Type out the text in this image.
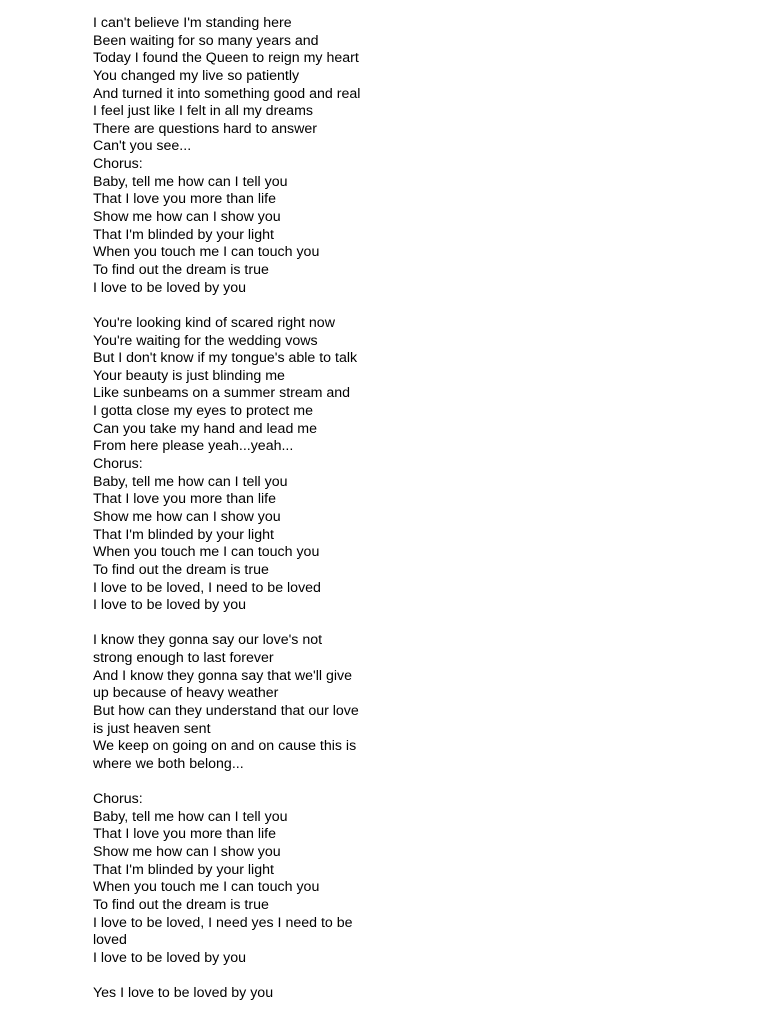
I can't believe I'm standing here
Been waiting for so many years and
Today I found the Queen to reign my heart
You changed my live so patiently
And turned it into something good and real
I feel just like I felt in all my dreams
There are questions hard to answer
Can't you see...
Chorus:
Baby, tell me how can I tell you
That I love you more than life
Show me how can I show you
That I'm blinded by your light
When you touch me I can touch you
To find out the dream is true
I love to be loved by you
You're looking kind of scared right now
You're waiting for the wedding vows
But I don't know if my tongue's able to talk
Your beauty is just blinding me
Like sunbeams on a summer stream and
I gotta close my eyes to protect me
Can you take my hand and lead me
From here please yeah...yeah...
Chorus:
Baby, tell me how can I tell you
That I love you more than life
Show me how can I show you
That I'm blinded by your light
When you touch me I can touch you
To find out the dream is true
I love to be loved, I need to be loved
I love to be loved by you
I know they gonna say our love's not
strong enough to last forever
And I know they gonna say that we'll give
up because of heavy weather
But how can they understand that our love
is just heaven sent
We keep on going on and on cause this is
where we both belong...
Chorus:
Baby, tell me how can I tell you
That I love you more than life
Show me how can I show you
That I'm blinded by your light
When you touch me I can touch you
To find out the dream is true
I love to be loved, I need yes I need to be
loved
I love to be loved by you
Yes I love to be loved by you
